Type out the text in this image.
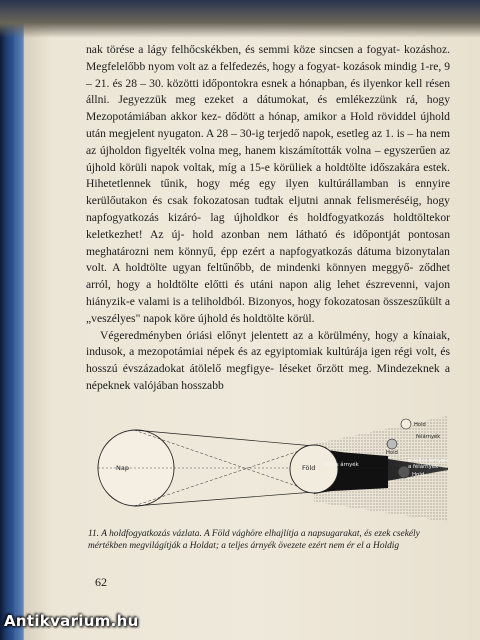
nak törése a lágy felhőcskékben, és semmi köze sincsen a fogyat- kozáshoz. Megfelelőbb nyom volt az a felfedezés, hogy a fogyat- kozások mindig 1-re, 9 – 21. és 28 – 30. közötti időpontokra esnek a hónapban, és ilyenkor kell résen állni. Jegyezzük meg ezeket a dátumokat, és emlékezzünk rá, hogy Mezopotámiában akkor kez- dődött a hónap, amikor a Hold röviddel újhold után megjelent nyugaton. A 28 – 30-ig terjedő napok, esetleg az 1. is – ha nem az újholdon figyelték volna meg, hanem kiszámították volna – egyszerűen az újhold körüli napok voltak, míg a 15-e körüliek a holdtölte időszakára estek. Hihetetlennek tűnik, hogy még egy ilyen kultúrállamban is ennyire kerülőutakon és csak fokozatosan tudtak eljutni annak felismeréséig, hogy napfogyatkozás kizáró- lag újholdkor és holdfogyatkozás holdtöltekor keletkezhet! Az új- hold azonban nem látható és időpontját pontosan meghatározni nem könnyű, épp ezért a napfogyatkozás dátuma bizonytalan volt. A holdtölte ugyan feltűnőbb, de mindenki könnyen meggyő- ződhet arról, hogy a holdtölte előtti és utáni napon alig lehet észrevenni, vajon hiányzik-e valami is a teliholdból. Bizonyos, hogy fokozatosan összeszűkült a „veszélyes" napok köre újhold és holdtölte körül.

Végeredményben óriási előnyt jelentett az a körülmény, hogy a kínaiak, indusok, a mezopotámiai népek és az egyiptomiak kultúrája igen régi volt, és hosszú évszázadokat átölelő megfigye- léseket őrzött meg. Mindezeknek a népeknek valójában hosszabb

Nap	Föld teljes árnyék
Hold
félárnyék
Hold
a teljes árnyék
a félárnyék
Hold
11. A holdfogyatkozás vázlata. A Föld vághöre elhajlítja a napsugarakat, és ezek csekély mértékben megvilágítják a Holdat; a teljes árnyék övezete ezért nem ér el a Holdig
62
Antikvarium.hu
